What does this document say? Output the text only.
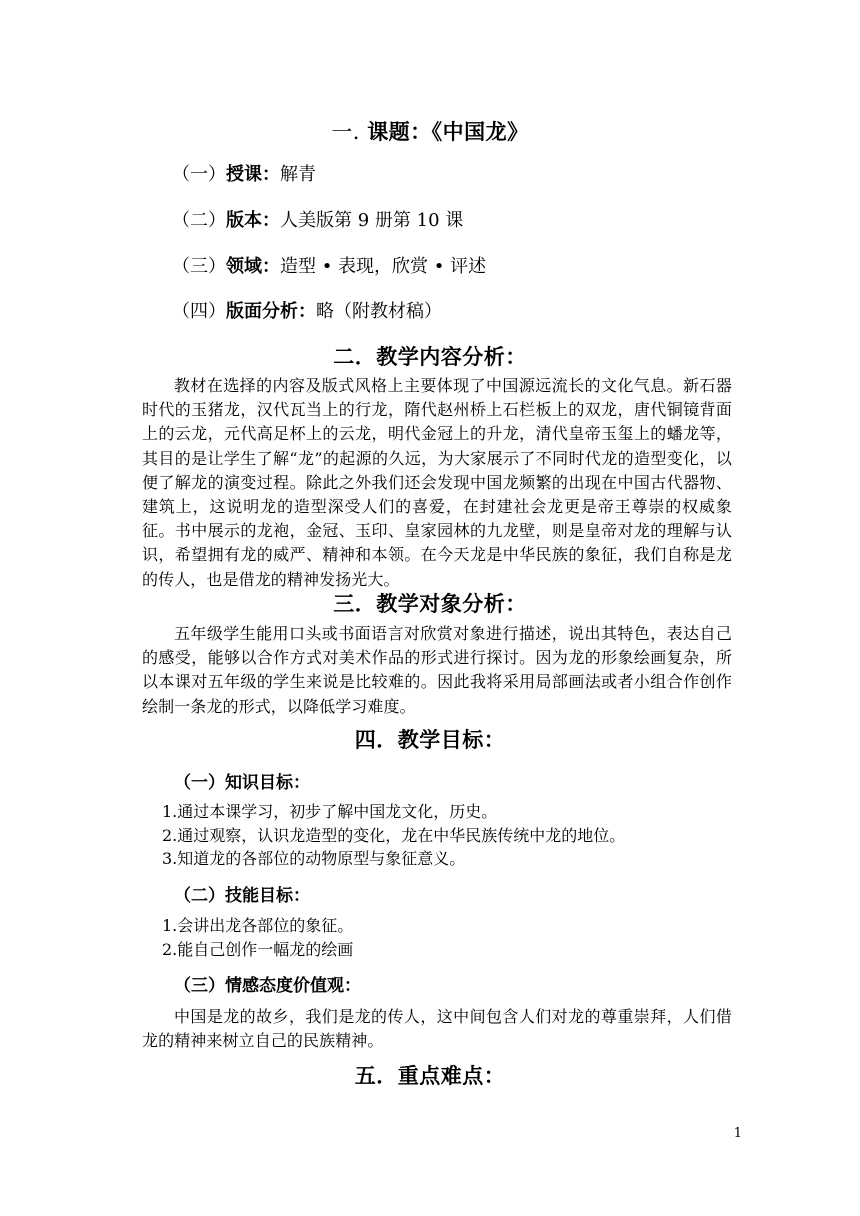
一. 课题：《中国龙》
（一）授课：解青
（二）版本：人美版第 9 册第 10 课
（三）领域：造型 • 表现，欣赏 • 评述
（四）版面分析：略（附教材稿）
二．教学内容分析：
教材在选择的内容及版式风格上主要体现了中国源远流长的文化气息。新石器时代的玉猪龙，汉代瓦当上的行龙，隋代赵州桥上石栏板上的双龙，唐代铜镜背面上的云龙，元代高足杯上的云龙，明代金冠上的升龙，清代皇帝玉玺上的蟠龙等，其目的是让学生了解“龙”的起源的久远，为大家展示了不同时代龙的造型变化，以便了解龙的演变过程。除此之外我们还会发现中国龙频繁的出现在中国古代器物、建筑上，这说明龙的造型深受人们的喜爱，在封建社会龙更是帝王尊崇的权威象征。书中展示的龙袍，金冠、玉印、皇家园林的九龙壁，则是皇帝对龙的理解与认识，希望拥有龙的威严、精神和本领。在今天龙是中华民族的象征，我们自称是龙的传人，也是借龙的精神发扬光大。
三．教学对象分析：
五年级学生能用口头或书面语言对欣赏对象进行描述，说出其特色，表达自己的感受，能够以合作方式对美术作品的形式进行探讨。因为龙的形象绘画复杂，所以本课对五年级的学生来说是比较难的。因此我将采用局部画法或者小组合作创作绘制一条龙的形式，以降低学习难度。
四．教学目标：
（一）知识目标：
1.通过本课学习，初步了解中国龙文化，历史。
2.通过观察，认识龙造型的变化，龙在中华民族传统中龙的地位。
3.知道龙的各部位的动物原型与象征意义。
（二）技能目标：
1.会讲出龙各部位的象征。
2.能自己创作一幅龙的绘画
（三）情感态度价值观：
中国是龙的故乡，我们是龙的传人，这中间包含人们对龙的尊重崇拜，人们借龙的精神来树立自己的民族精神。
五．重点难点：
1
